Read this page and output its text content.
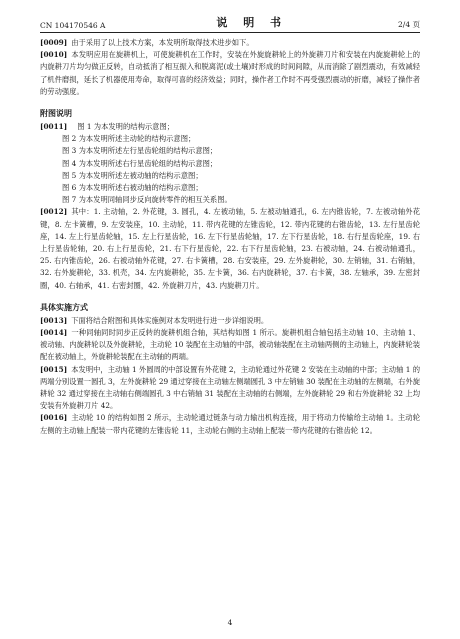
CN 104170546 A	说 明 书	2/4 页

[0009] 由于采用了以上技术方案，本发明所取得技术进步如下。

[0010] 本发明应用在旋耕机上，可使旋耕机在工作时，安装在外旋旋耕轮上的外旋耕刀片和安装在内旋旋耕轮上的内旋耕刀片均匀做正反转，自动抵消了相互振入和脱离泥(或土壤)时形成的时间间隙，从而消除了剧烈震动，有效减轻了机件磨损，延长了机器使用寿命，取得可喜的经济效益；同时，操作者工作时不再受强烈震动的折磨，减轻了操作者的劳动强度。

附图说明

[0011] 图 1 为本发明的结构示意图；

图 2 为本发明所述主动轮的结构示意图；

图 3 为本发明所述左行星齿轮组的结构示意图；

图 4 为本发明所述右行星齿轮组的结构示意图；

图 5 为本发明所述左被动轴的结构示意图；

图 6 为本发明所述右被动轴的结构示意图；

图 7 为本发明同轴同步反向旋转零件的相互关系图。

[0012] 其中：1. 主动轴，2. 外花键，3. 圆孔，4. 左被动轴，5. 左被动轴通孔，6. 左内锥齿轮，7. 左被动轴外花键，8. 左卡簧槽，9. 左安装座，10. 主动轮，11. 带内花键的左锥齿轮，12. 带内花键的右锥齿轮，13. 左行星齿轮座，14. 左上行星齿轮轴，15. 左上行星齿轮，16. 左下行星齿轮轴，17. 左下行星齿轮，18. 右行星齿轮座，19. 右上行星齿轮轴，20. 右上行星齿轮，21. 右下行星齿轮，22. 右下行星齿轮轴，23. 右被动轴，24. 右被动轴通孔，25. 右内锥齿轮，26. 右被动轴外花键，27. 右卡簧槽，28. 右安装座，29. 左外旋耕轮，30. 左销轴，31. 右销轴，32. 右外旋耕轮，33. 机壳，34. 左内旋耕轮，35. 左卡簧，36. 右内旋耕轮，37. 右卡簧，38. 左轴承，39. 左密封圈，40. 右轴承，41. 右密封圈，42. 外旋耕刀片，43. 内旋耕刀片。

具体实施方式

[0013] 下面将结合附图和具体实施例对本发明进行进一步详细说明。

[0014] 一种同轴同时同步正反转的旋耕机组合轴，其结构如图 1 所示。旋耕机组合轴包括主动轴 10、主动轴 1、被动轴、内旋耕轮以及外旋耕轮，主动轮 10 装配在主动轴的中部，被动轴装配在主动轴两侧的主动轴上，内旋耕轮装配在被动轴上，外旋耕轮装配在主动轴的两端。

[0015] 本发明中，主动轴 1 外圆周的中部设置有外花键 2，主动轮通过外花键 2 安装在主动轴的中部；主动轴 1 的两端分别设置一圆孔 3，左外旋耕轮 29 通过穿接在主动轴左侧端圆孔 3 中左销轴 30 装配在主动轴的左侧端，右外旋耕轮 32 通过穿接在主动轴右侧端圆孔 3 中右销轴 31 装配在主动轴的右侧端，左外旋耕轮 29 和右外旋耕轮 32 上均安装有外旋耕刀片 42。

[0016] 主动轮 10 的结构如图 2 所示，主动轮通过链条与动力输出机构连接，用于将动力传输给主动轴 1。主动轮左侧的主动轴上配装一带内花键的左锥齿轮 11，主动轮右侧的主动轴上配装一带内花键的右锥齿轮 12。

4
